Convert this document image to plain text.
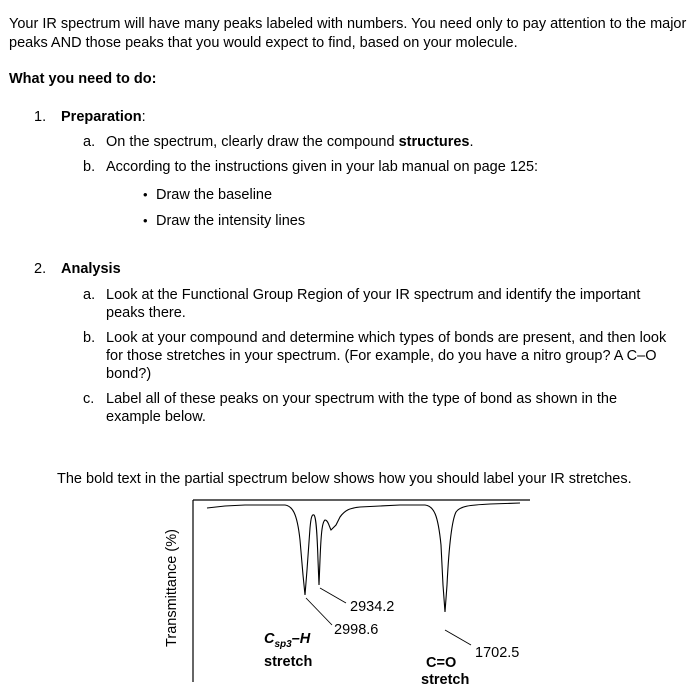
Your IR spectrum will have many peaks labeled with numbers. You need only to pay attention to the major peaks AND those peaks that you would expect to find, based on your molecule.
What you need to do:
1.	Preparation:
a. On the spectrum, clearly draw the compound structures.
b. According to the instructions given in your lab manual on page 125:
• Draw the baseline
• Draw the intensity lines
2.	Analysis
a. Look at the Functional Group Region of your IR spectrum and identify the important peaks there.
b. Look at your compound and determine which types of bonds are present, and then look for those stretches in your spectrum. (For example, do you have a nitro group? A C–O bond?)
c. Label all of these peaks on your spectrum with the type of bond as shown in the example below.
The bold text in the partial spectrum below shows how you should label your IR stretches.
Transmittance (%)	2934.2
2998.6
1702.5
$C_{sp3}-H$
stretch	C=O
stretch
